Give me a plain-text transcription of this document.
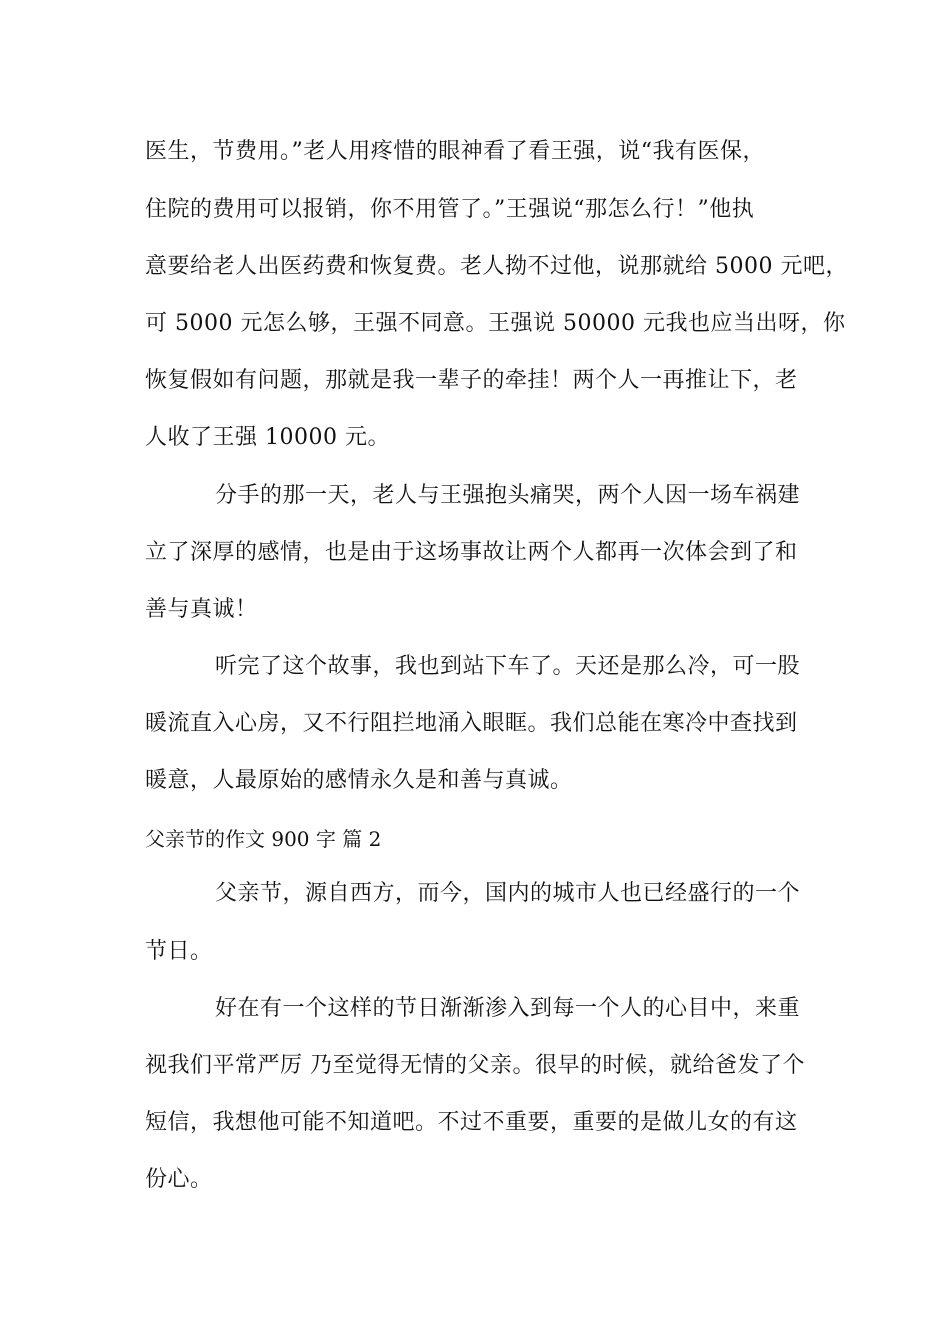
医生，节费用。”老人用疼惜的眼神看了看王强，说“我有医保，
住院的费用可以报销，你不用管了。”王强说“那怎么行！”他执
意要给老人出医药费和恢复费。老人拗不过他，说那就给 5000 元吧，
可 5000 元怎么够，王强不同意。王强说 50000 元我也应当出呀，你
恢复假如有问题，那就是我一辈子的牵挂！两个人一再推让下，老
人收了王强 10000 元。
分手的那一天，老人与王强抱头痛哭，两个人因一场车祸建
立了深厚的感情，也是由于这场事故让两个人都再一次体会到了和
善与真诚！
听完了这个故事，我也到站下车了。天还是那么冷，可一股
暖流直入心房，又不行阻拦地涌入眼眶。我们总能在寒冷中查找到
暖意，人最原始的感情永久是和善与真诚。
父亲节的作文 900 字 篇 2
父亲节，源自西方，而今，国内的城市人也已经盛行的一个
节日。
好在有一个这样的节日渐渐渗入到每一个人的心目中，来重
视我们平常严厉 乃至觉得无情的父亲。很早的时候，就给爸发了个
短信，我想他可能不知道吧。不过不重要，重要的是做儿女的有这
份心。
